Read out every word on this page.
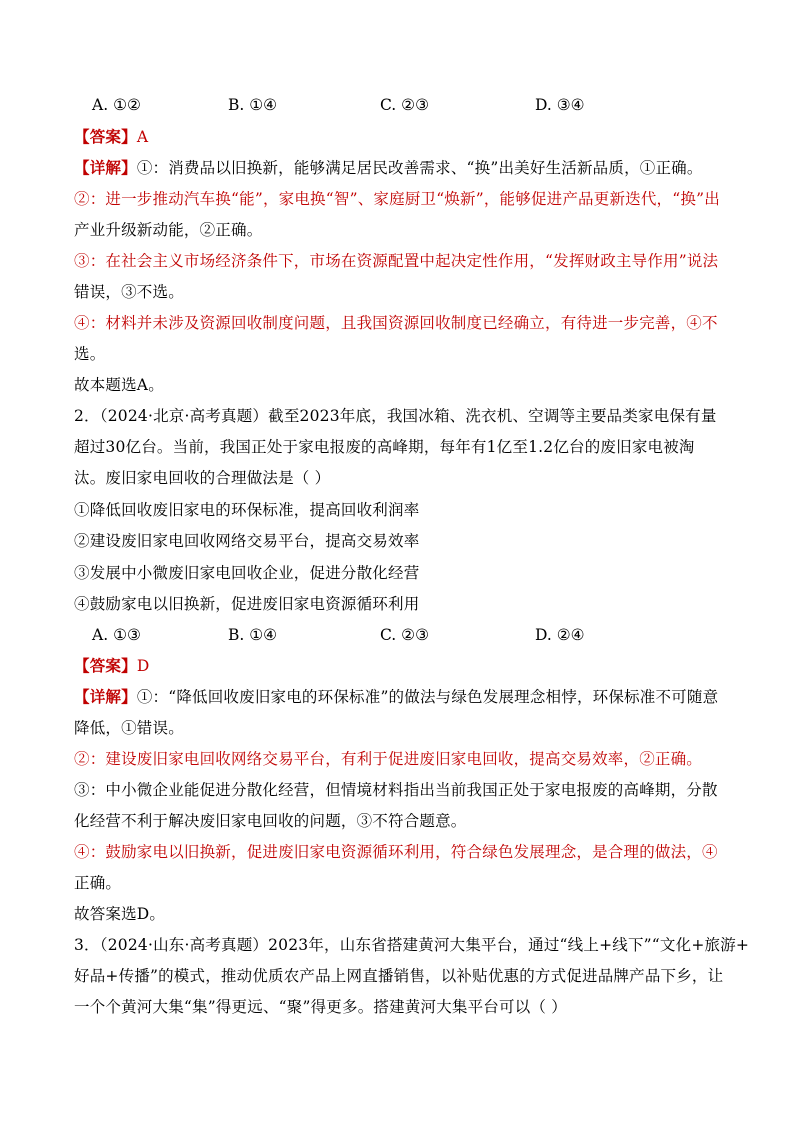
A. ①②	B. ①④	C. ②③	D. ③④
【答案】A
【详解】①：消费品以旧换新，能够满足居民改善需求、“换”出美好生活新品质，①正确。
②：进一步推动汽车换“能”，家电换“智”、家庭厨卫“焕新”，能够促进产品更新迭代，“换”出
产业升级新动能，②正确。
③：在社会主义市场经济条件下，市场在资源配置中起决定性作用，“发挥财政主导作用”说法
错误，③不选。
④：材料并未涉及资源回收制度问题，且我国资源回收制度已经确立，有待进一步完善，④不
选。
故本题选A。
2．（2024·北京·高考真题）截至2023年底，我国冰箱、洗衣机、空调等主要品类家电保有量
超过30亿台。当前，我国正处于家电报废的高峰期，每年有1亿至1.2亿台的废旧家电被淘
汰。废旧家电回收的合理做法是（ ）
①降低回收废旧家电的环保标准，提高回收利润率
②建设废旧家电回收网络交易平台，提高交易效率
③发展中小微废旧家电回收企业，促进分散化经营
④鼓励家电以旧换新，促进废旧家电资源循环利用
A. ①③	B. ①④	C. ②③	D. ②④
【答案】D
【详解】①：“降低回收废旧家电的环保标准”的做法与绿色发展理念相悖，环保标准不可随意
降低，①错误。
②：建设废旧家电回收网络交易平台，有利于促进废旧家电回收，提高交易效率，②正确。
③：中小微企业能促进分散化经营，但情境材料指出当前我国正处于家电报废的高峰期，分散
化经营不利于解决废旧家电回收的问题，③不符合题意。
④：鼓励家电以旧换新，促进废旧家电资源循环利用，符合绿色发展理念，是合理的做法，④
正确。
故答案选D。
3．（2024·山东·高考真题）2023年，山东省搭建黄河大集平台，通过“线上+线下”“文化+旅游+
好品+传播”的模式，推动优质农产品上网直播销售，以补贴优惠的方式促进品牌产品下乡，让
一个个黄河大集“集”得更远、“聚”得更多。搭建黄河大集平台可以（ ）
